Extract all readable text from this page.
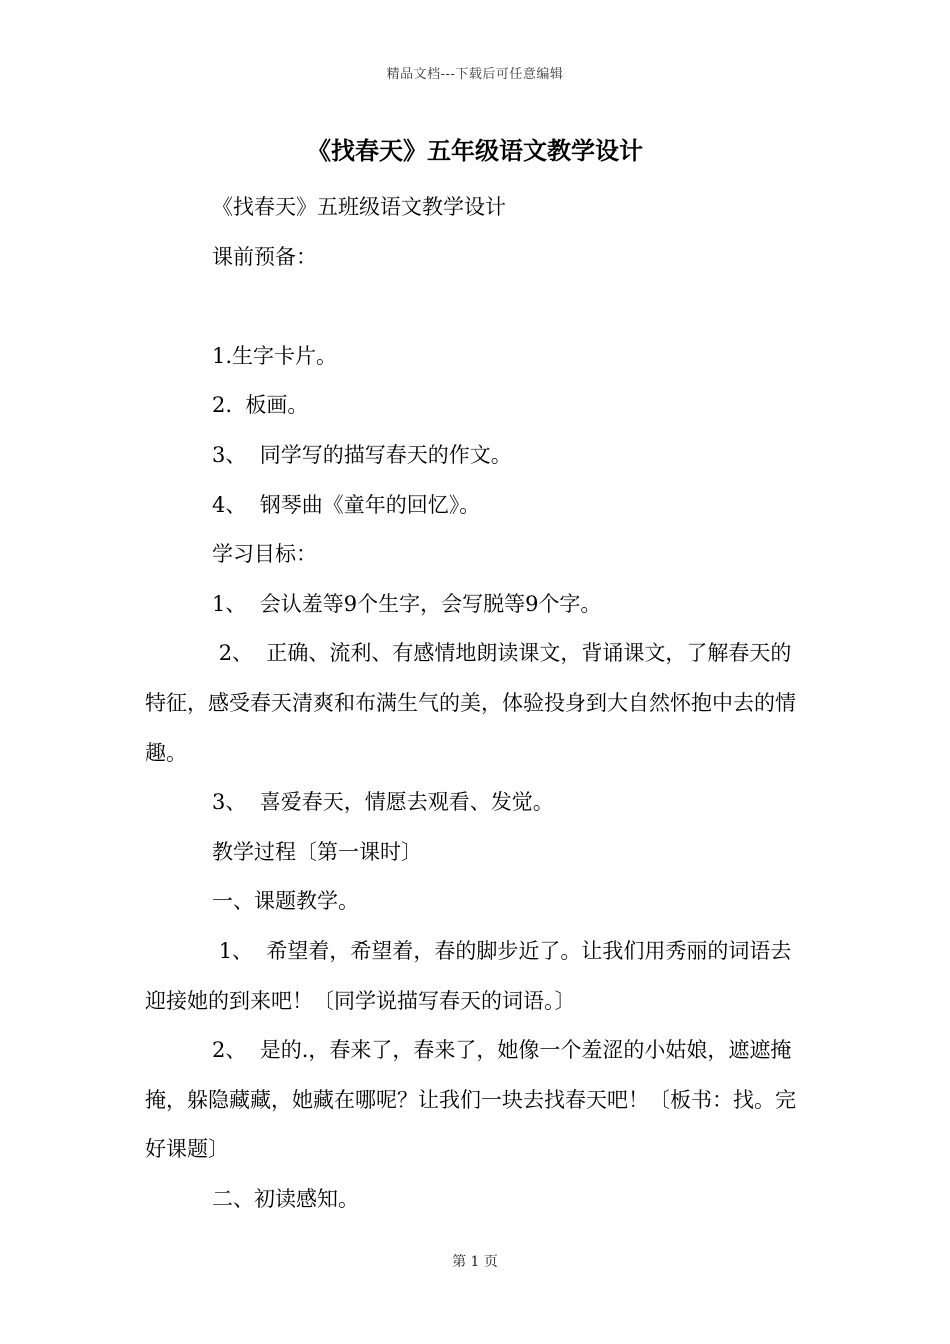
精品文档---下载后可任意编辑
《找春天》五年级语文教学设计

《找春天》五班级语文教学设计

课前预备：

1.生字卡片。

2.  板画。

3、  同学写的描写春天的作文。

4、  钢琴曲《童年的回忆》。

学习目标：

1、  会认羞等9个生字，会写脱等9个字。

2、  正确、流利、有感情地朗读课文，背诵课文，了解春天的特征，感受春天清爽和布满生气的美，体验投身到大自然怀抱中去的情趣。

3、  喜爱春天，情愿去观看、发觉。

教学过程〔第一课时〕

一、课题教学。

1、  希望着，希望着，春的脚步近了。让我们用秀丽的词语去迎接她的到来吧！〔同学说描写春天的词语。〕

2、  是的.，春来了，春来了，她像一个羞涩的小姑娘，遮遮掩掩，躲隐藏藏，她藏在哪呢？让我们一块去找春天吧！〔板书：找。完好课题〕

二、初读感知。

第 1 页
